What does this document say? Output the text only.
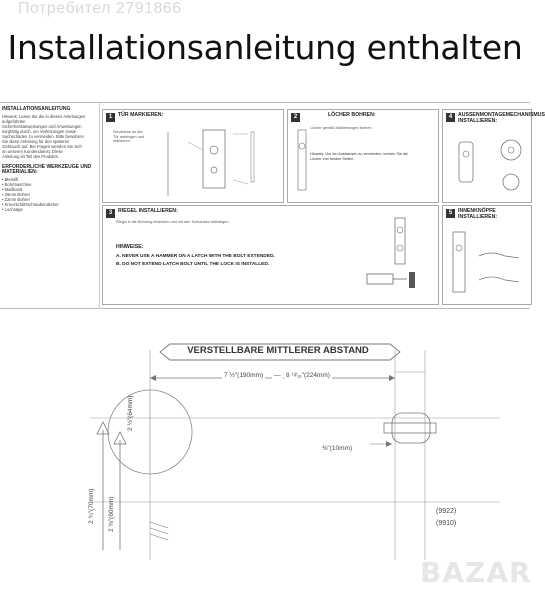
Потребител 2791866
Installationsanleitung enthalten
INSTALLATIONSANLEITUNG
Hinweis: Lesen Sie die in diesen Anleitungen aufgeführten
Sicherheitsanweisungen und Anweisungen
sorgfältig durch, um Verletzungen sowie
Sachschäden zu vermeiden. Bitte bewahren
Sie diese Anleitung für den späteren
Gebrauch auf. Bei Fragen wenden Sie sich
an unseren Kundendienst. Diese
Anleitung ist Teil des Produkts.
ERFORDERLICHE WERKZEUGE UND MATERIALIEN:
• Bleistift
• Bohrmaschine
• Maßband
• 25mm Bohrer
• 22mm Bohrer
• Kreuzschlitzschraubendreher
• Lochsäge
1	TÜR MARKIEREN:
Schablone an der Tür anbringen und markieren.
2	LÖCHER BOHREN:
Löcher gemäß Markierungen bohren.
Hinweis: Um ein Ausfransen zu vermeiden, bohren Sie die Löcher von beiden Seiten.
4	AUSSENMONTAGEMECHANISMUS INSTALLIEREN:
3	RIEGEL INSTALLIEREN:
Riegel in die Bohrung einsetzen und mit den Schrauben befestigen.
HINWEISE:
A. NEVER USE A HAMMER ON A LATCH WITH THE BOLT EXTENDED.
B. DO NOT EXTEND LATCH BOLT UNTIL THE LOCK IS INSTALLED.
5	INNENKNÖPFE INSTALLIEREN:
VERSTELLBARE MITTLERER ABSTAND
7 ½"(190mm)	— 8 ¹³⁄₁₆"(224mm)
⅜"(10mm)
2 ½"(64mm)
2 ¾"(70mm) 2 ⅜"(60mm)	(9922)
(9910)
BAZAR
